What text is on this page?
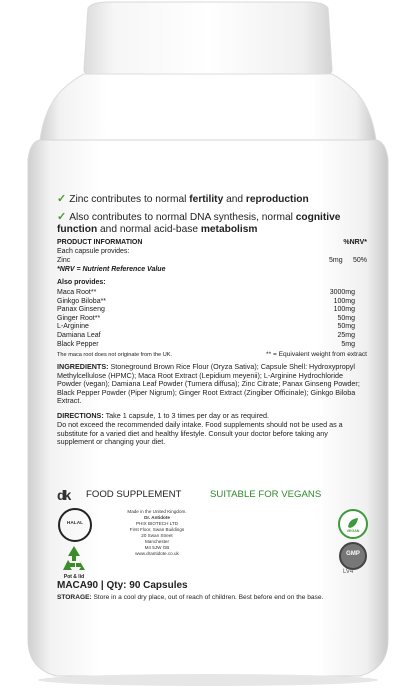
✓ Zinc contributes to normal fertility and reproduction
✓ Also contributes to normal DNA synthesis, normal cognitive function and normal acid-base metabolism
PRODUCT INFORMATION	%NRV*
Each capsule provides:
Zinc	5mg 50%
*NRV = Nutrient Reference Value
Also provides:
Maca Root**	3000mg
Ginkgo Biloba**	100mg
Panax Ginseng	100mg
Ginger Root**	50mg
L-Arginine	50mg
Damiana Leaf	25mg
Black Pepper	5mg
The maca root does not originate from the UK.	** = Equivalent weight from extract
INGREDIENTS: Stoneground Brown Rice Flour (Oryza Sativa); Capsule Shell: Hydroxypropyl Methylcellulose (HPMC); Maca Root Extract (Lepidium meyenii); L-Arginine Hydrochloride Powder (vegan); Damiana Leaf Powder (Turnera diffusa); Zinc Citrate; Panax Ginseng Powder; Black Pepper Powder (Piper Nigrum); Ginger Root Extract (Zingiber Officinale); Ginkgo Biloba Extract.
DIRECTIONS: Take 1 capsule, 1 to 3 times per day or as required.
Do not exceed the recommended daily intake. Food supplements should not be used as a substitute for a varied diet and healthy lifestyle. Consult your doctor before taking any supplement or changing your diet.
dk	FOOD SUPPLEMENT	SUITABLE FOR VEGANS
HALAL
Pot & lid
Made in the United Kingdom.
Dr. Antidote
PHIX BIOTECH LTD
First Floor, Swan Buildings
20 Swan Street
Manchester
M4 5JW GB
www.drantidote.co.uk
VEGAN
GMP
LV4
MACA90 | Qty: 90 Capsules
STORAGE: Store in a cool dry place, out of reach of children. Best before end on the base.
